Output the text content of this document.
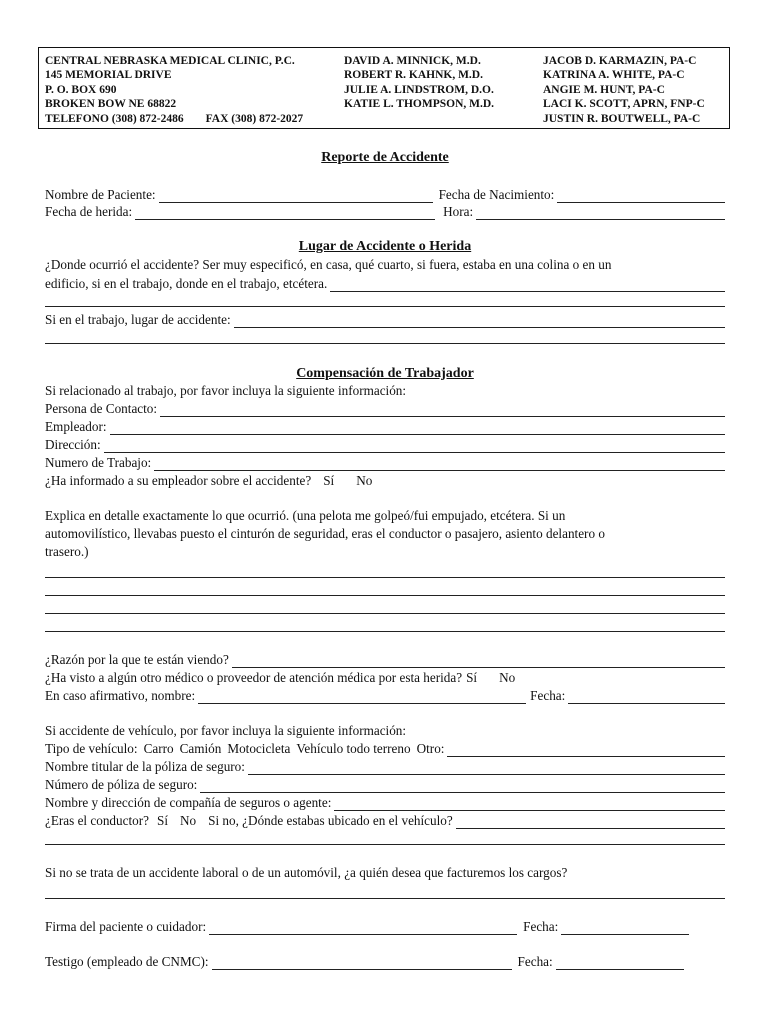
CENTRAL NEBRASKA MEDICAL CLINIC, P.C.
145 MEMORIAL DRIVE
P. O. BOX 690
BROKEN BOW NE 68822
TELEFONO (308) 872-2486 FAX (308) 872-2027
DAVID A. MINNICK, M.D.
ROBERT R. KAHNK, M.D.
JULIE A. LINDSTROM, D.O.
KATIE L. THOMPSON, M.D.
JACOB D. KARMAZIN, PA-C
KATRINA A. WHITE, PA-C
ANGIE M. HUNT, PA-C
LACI K. SCOTT, APRN, FNP-C
JUSTIN R. BOUTWELL, PA-C
Reporte de Accidente
Nombre de Paciente:	Fecha de Nacimiento:
Fecha de herida:	Hora:
Lugar de Accidente o Herida
¿Donde ocurrió el accidente? Ser muy especificó, en casa, qué cuarto, si fuera, estaba en una colina o en un
edificio, si en el trabajo, donde en el trabajo, etcétera.
Si en el trabajo, lugar de accidente:
Compensación de Trabajador
Si relacionado al trabajo, por favor incluya la siguiente información:
Persona de Contacto:
Empleador:
Dirección:
Numero de Trabajo:
¿Ha informado a su empleador sobre el accidente? Sí No
Explica en detalle exactamente lo que ocurrió. (una pelota me golpeó/fui empujado, etcétera. Si un
automovilístico, llevabas puesto el cinturón de seguridad, eras el conductor o pasajero, asiento delantero o
trasero.)
¿Razón por la que te están viendo?
¿Ha visto a algún otro médico o proveedor de atención médica por esta herida? Sí No
En caso afirmativo, nombre:	Fecha:
Si accidente de vehículo, por favor incluya la siguiente información:
Tipo de vehículo: Carro Camión Motocicleta Vehículo todo terreno Otro:
Nombre titular de la póliza de seguro:
Número de póliza de seguro:
Nombre y dirección de compañía de seguros o agente:
¿Eras el conductor? Sí No Si no, ¿Dónde estabas ubicado en el vehículo?
Si no se trata de un accidente laboral o de un automóvil, ¿a quién desea que facturemos los cargos?
Firma del paciente o cuidador:	Fecha:
Testigo (empleado de CNMC):	Fecha:
